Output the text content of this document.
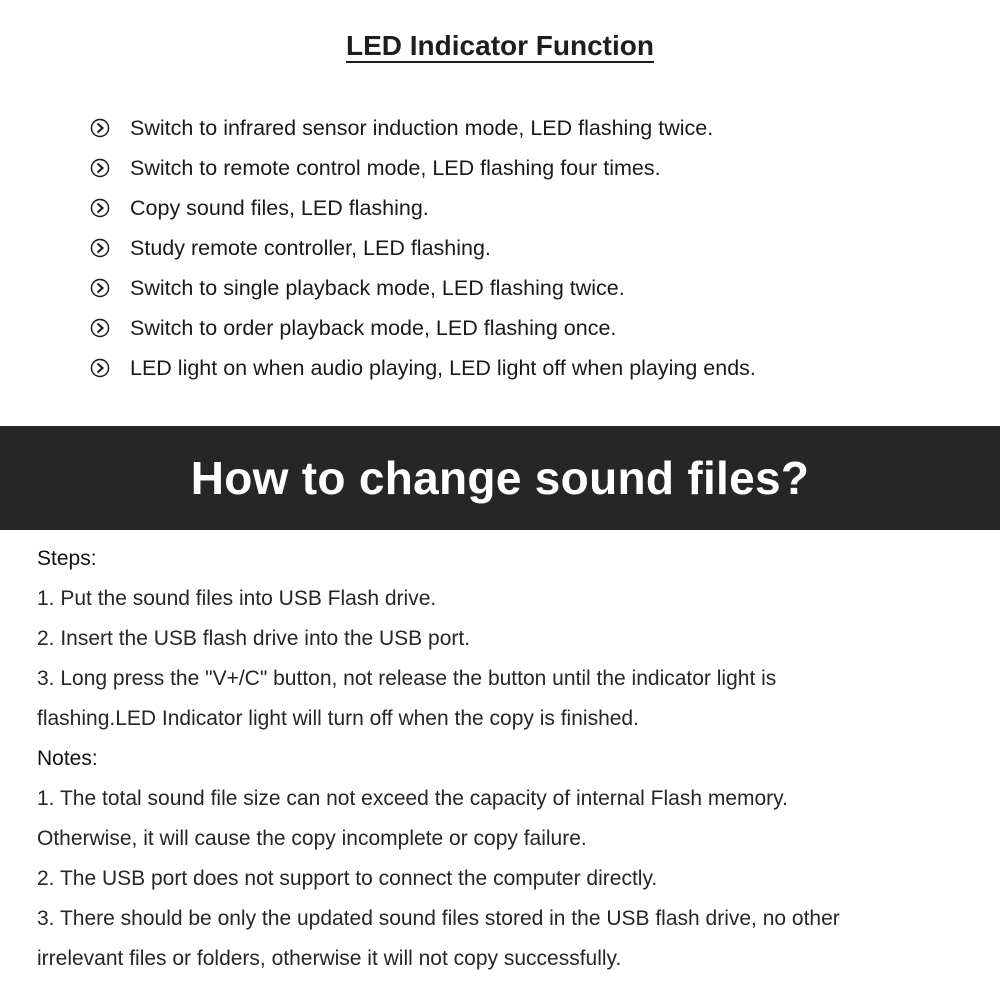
LED Indicator Function
Switch to infrared sensor induction mode, LED flashing twice.
Switch to remote control mode, LED flashing four times.
Copy sound files, LED flashing.
Study remote controller, LED flashing.
Switch to single playback mode, LED flashing twice.
Switch to order playback mode, LED flashing once.
LED light on when audio playing, LED light off when playing ends.
How to change sound files?
Steps:
1. Put the sound files into USB Flash drive.
2. Insert the USB flash drive into the USB port.
3. Long press the "V+/C" button, not release the button until the indicator light is
flashing.LED Indicator light will turn off when the copy is finished.
Notes:
1. The total sound file size can not exceed the capacity of internal Flash memory.
Otherwise, it will cause the copy incomplete or copy failure.
2. The USB port does not support to connect the computer directly.
3. There should be only the updated sound files stored in the USB flash drive, no other
irrelevant files or folders, otherwise it will not copy successfully.
